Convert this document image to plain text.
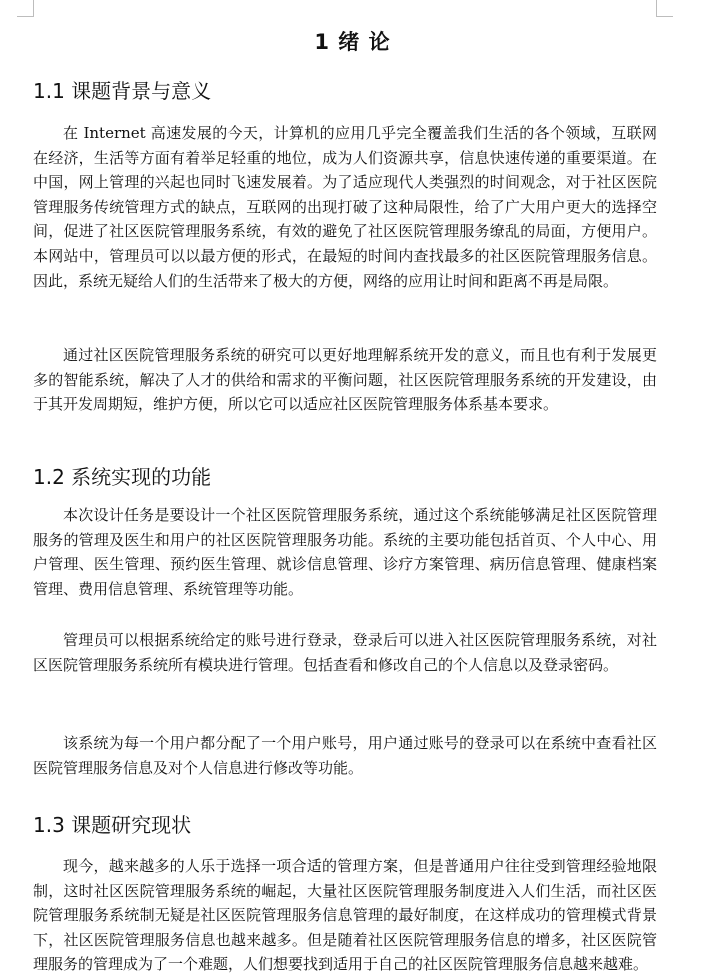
1 绪 论
1.1 课题背景与意义

在 Internet 高速发展的今天，计算机的应用几乎完全覆盖我们生活的各个领域，互联网在经济，生活等方面有着举足轻重的地位，成为人们资源共享，信息快速传递的重要渠道。在中国，网上管理的兴起也同时飞速发展着。为了适应现代人类强烈的时间观念，对于社区医院管理服务传统管理方式的缺点，互联网的出现打破了这种局限性，给了广大用户更大的选择空间，促进了社区医院管理服务系统，有效的避免了社区医院管理服务缭乱的局面，方便用户。本网站中，管理员可以以最方便的形式，在最短的时间内查找最多的社区医院管理服务信息。因此，系统无疑给人们的生活带来了极大的方便，网络的应用让时间和距离不再是局限。

通过社区医院管理服务系统的研究可以更好地理解系统开发的意义，而且也有利于发展更多的智能系统，解决了人才的供给和需求的平衡问题，社区医院管理服务系统的开发建设，由于其开发周期短，维护方便，所以它可以适应社区医院管理服务体系基本要求。

1.2 系统实现的功能

本次设计任务是要设计一个社区医院管理服务系统，通过这个系统能够满足社区医院管理服务的管理及医生和用户的社区医院管理服务功能。系统的主要功能包括首页、个人中心、用户管理、医生管理、预约医生管理、就诊信息管理、诊疗方案管理、病历信息管理、健康档案管理、费用信息管理、系统管理等功能。

管理员可以根据系统给定的账号进行登录，登录后可以进入社区医院管理服务系统，对社区医院管理服务系统所有模块进行管理。包括查看和修改自己的个人信息以及登录密码。

该系统为每一个用户都分配了一个用户账号，用户通过账号的登录可以在系统中查看社区医院管理服务信息及对个人信息进行修改等功能。

1.3 课题研究现状

现今，越来越多的人乐于选择一项合适的管理方案，但是普通用户往往受到管理经验地限制，这时社区医院管理服务系统的崛起，大量社区医院管理服务制度进入人们生活，而社区医院管理服务系统制无疑是社区医院管理服务信息管理的最好制度，在这样成功的管理模式背景下，社区医院管理服务信息也越来越多。但是随着社区医院管理服务信息的增多，社区医院管理服务的管理成为了一个难题，人们想要找到适用于自己的社区医院管理服务信息越来越难。
